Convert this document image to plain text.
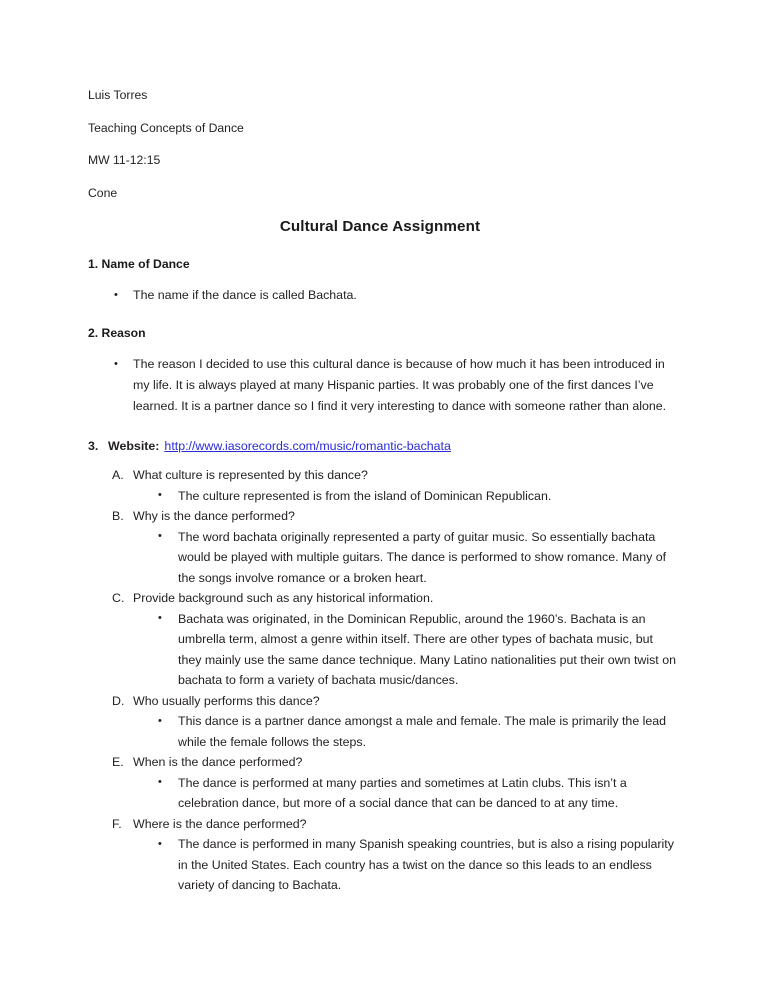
Luis Torres
Teaching Concepts of Dance
MW 11-12:15
Cone
Cultural Dance Assignment
1. Name of Dance
• The name if the dance is called Bachata.
2. Reason
• The reason I decided to use this cultural dance is because of how much it has been introduced in my life. It is always played at many Hispanic parties. It was probably one of the first dances I’ve learned. It is a partner dance so I find it very interesting to dance with someone rather than alone.

3. Website: http://www.iasorecords.com/music/romantic-bachata

A. What culture is represented by this dance?
• The culture represented is from the island of Dominican Republican.
B. Why is the dance performed?
• The word bachata originally represented a party of guitar music. So essentially bachata would be played with multiple guitars. The dance is performed to show romance. Many of the songs involve romance or a broken heart.
C. Provide background such as any historical information.
• Bachata was originated, in the Dominican Republic, around the 1960’s. Bachata is an umbrella term, almost a genre within itself. There are other types of bachata music, but they mainly use the same dance technique. Many Latino nationalities put their own twist on bachata to form a variety of bachata music/dances.
D. Who usually performs this dance?
• This dance is a partner dance amongst a male and female. The male is primarily the lead while the female follows the steps.
E. When is the dance performed?
• The dance is performed at many parties and sometimes at Latin clubs. This isn’t a celebration dance, but more of a social dance that can be danced to at any time.
F. Where is the dance performed?
• The dance is performed in many Spanish speaking countries, but is also a rising popularity in the United States. Each country has a twist on the dance so this leads to an endless variety of dancing to Bachata.
